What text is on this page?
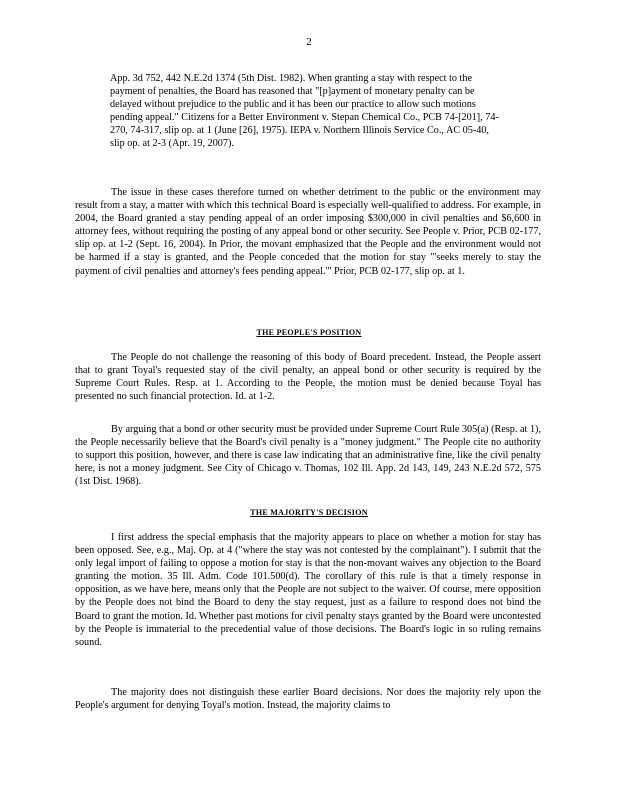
2
App. 3d 752, 442 N.E.2d 1374 (5th Dist. 1982). When granting a stay with respect to the payment of penalties, the Board has reasoned that "[p]ayment of monetary penalty can be delayed without prejudice to the public and it has been our practice to allow such motions pending appeal." Citizens for a Better Environment v. Stepan Chemical Co., PCB 74-[201], 74-270, 74-317, slip op. at 1 (June [26], 1975). IEPA v. Northern Illinois Service Co., AC 05-40, slip op. at 2-3 (Apr. 19, 2007).
The issue in these cases therefore turned on whether detriment to the public or the environment may result from a stay, a matter with which this technical Board is especially well-qualified to address. For example, in 2004, the Board granted a stay pending appeal of an order imposing $300,000 in civil penalties and $6,600 in attorney fees, without requiring the posting of any appeal bond or other security. See People v. Prior, PCB 02-177, slip op. at 1-2 (Sept. 16, 2004). In Prior, the movant emphasized that the People and the environment would not be harmed if a stay is granted, and the People conceded that the motion for stay "'seeks merely to stay the payment of civil penalties and attorney's fees pending appeal.'" Prior, PCB 02-177, slip op. at 1.
THE PEOPLE'S POSITION
The People do not challenge the reasoning of this body of Board precedent. Instead, the People assert that to grant Toyal's requested stay of the civil penalty, an appeal bond or other security is required by the Supreme Court Rules. Resp. at 1. According to the People, the motion must be denied because Toyal has presented no such financial protection. Id. at 1-2.
By arguing that a bond or other security must be provided under Supreme Court Rule 305(a) (Resp. at 1), the People necessarily believe that the Board's civil penalty is a "money judgment." The People cite no authority to support this position, however, and there is case law indicating that an administrative fine, like the civil penalty here, is not a money judgment. See City of Chicago v. Thomas, 102 Ill. App. 2d 143, 149, 243 N.E.2d 572, 575 (1st Dist. 1968).
THE MAJORITY'S DECISION
I first address the special emphasis that the majority appears to place on whether a motion for stay has been opposed. See, e.g., Maj. Op. at 4 ("where the stay was not contested by the complainant"). I submit that the only legal import of failing to oppose a motion for stay is that the non-movant waives any objection to the Board granting the motion. 35 Ill. Adm. Code 101.500(d). The corollary of this rule is that a timely response in opposition, as we have here, means only that the People are not subject to the waiver. Of course, mere opposition by the People does not bind the Board to deny the stay request, just as a failure to respond does not bind the Board to grant the motion. Id. Whether past motions for civil penalty stays granted by the Board were uncontested by the People is immaterial to the precedential value of those decisions. The Board's logic in so ruling remains sound.
The majority does not distinguish these earlier Board decisions. Nor does the majority rely upon the People's argument for denying Toyal's motion. Instead, the majority claims to
